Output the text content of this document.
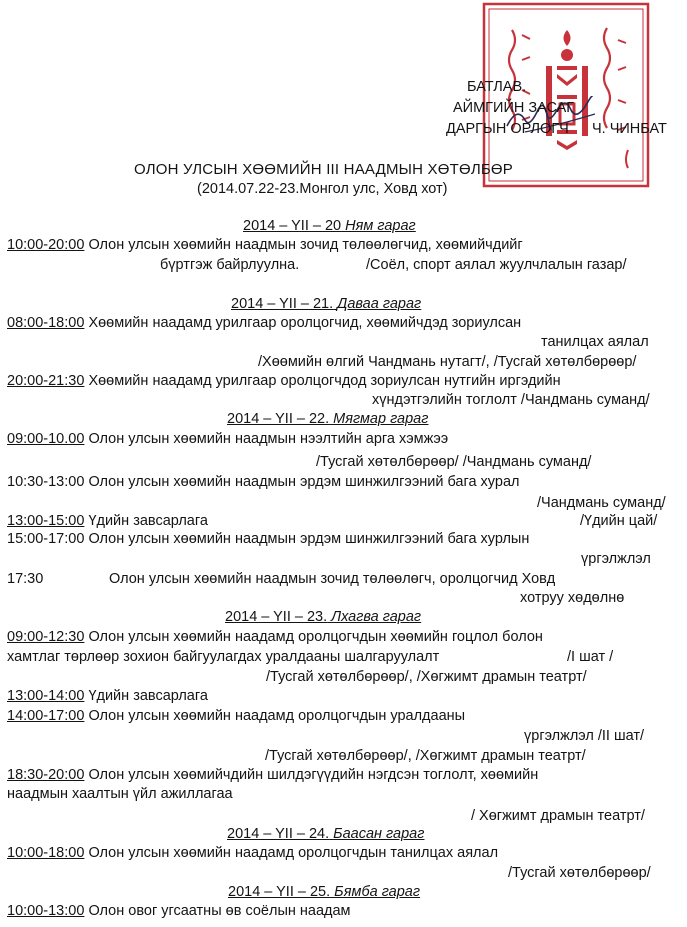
БАТЛАВ.
АЙМГИЙН ЗАСАГ
ДАРГЫН ОРЛОГЧ Ч. ЧИНБАТ
ОЛОН УЛСЫН ХӨӨМИЙН III НААДМЫН ХӨТӨЛБӨР
(2014.07.22-23.Монгол улс, Ховд хот)
2014 – YII – 20 Ням гараг
10:00-20:00 Олон улсын хөөмийн наадмын зочид төлөөлөгчид, хөөмийчдийг
бүртгэж байрлуулна.	/Соёл, спорт аялал жуулчлалын газар/
2014 – YII – 21. Даваа гараг
08:00-18:00 Хөөмийн наадамд урилгаар оролцогчид, хөөмийчдэд зориулсан
танилцах аялал
/Хөөмийн өлгий Чандмань нутагт/, /Тусгай хөтөлбөрөөр/
20:00-21:30 Хөөмийн наадамд урилгаар оролцогчдод зориулсан нутгийн иргэдийн
хүндэтгэлийн тоглолт /Чандмань суманд/
2014 – YII – 22. Мягмар гараг
09:00-10.00 Олон улсын хөөмийн наадмын нээлтийн арга хэмжээ
/Тусгай хөтөлбөрөөр/ /Чандмань суманд/
10:30-13:00 Олон улсын хөөмийн наадмын эрдэм шинжилгээний бага хурал
/Чандмань суманд/
13:00-15:00 Үдийн завсарлага	/Үдийн цай/
15:00-17:00 Олон улсын хөөмийн наадмын эрдэм шинжилгээний бага хурлын
үргэлжлэл
17:30	Олон улсын хөөмийн наадмын зочид төлөөлөгч, оролцогчид Ховд
хотруу хөдөлнө
2014 – YII – 23. Лхагва гараг
09:00-12:30 Олон улсын хөөмийн наадамд оролцогчдын хөөмийн гоцлол болон
хамтлаг төрлөөр зохион байгуулагдах уралдааны шалгаруулалт	/I шат /
/Тусгай хөтөлбөрөөр/, /Хөгжимт драмын театрт/
13:00-14:00 Үдийн завсарлага
14:00-17:00 Олон улсын хөөмийн наадамд оролцогчдын уралдааны
үргэлжлэл /II шат/
/Тусгай хөтөлбөрөөр/, /Хөгжимт драмын театрт/
18:30-20:00 Олон улсын хөөмийчдийн шилдэгүүдийн нэгдсэн тоглолт, хөөмийн
наадмын хаалтын үйл ажиллагаа
/ Хөгжимт драмын театрт/
2014 – YII – 24. Баасан гараг
10:00-18:00 Олон улсын хөөмийн наадамд оролцогчдын танилцах аялал
/Тусгай хөтөлбөрөөр/
2014 – YII – 25. Бямба гараг
10:00-13:00 Олон овог угсаатны өв соёлын наадам
